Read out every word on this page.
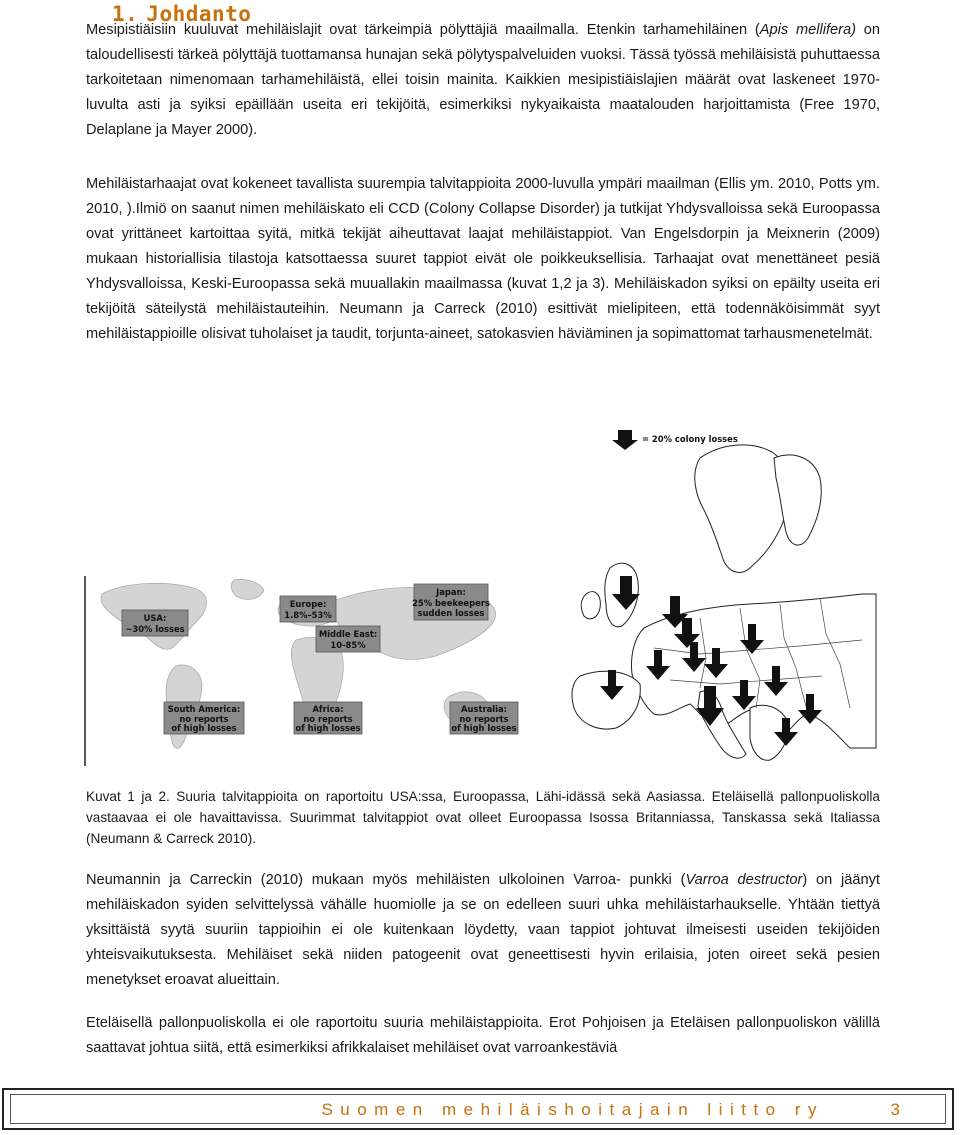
1. Johdanto

Mesipistiäisiin kuuluvat mehiläislajit ovat tärkeimpiä pölyttäjiä maailmalla. Etenkin tarhamehiläinen (Apis mellifera) on taloudellisesti tärkeä pölyttäjä tuottamansa hunajan sekä pölytyspalveluiden vuoksi. Tässä työssä mehiläisistä puhuttaessa tarkoitetaan nimenomaan tarhamehiläistä, ellei toisin mainita. Kaikkien mesipistiäislajien määrät ovat laskeneet 1970-luvulta asti ja syiksi epäillään useita eri tekijöitä, esimerkiksi nykyaikaista maatalouden harjoittamista (Free 1970, Delaplane ja Mayer 2000).

Mehiläistarhaajat ovat kokeneet tavallista suurempia talvitappioita 2000-luvulla ympäri maailman (Ellis ym. 2010, Potts ym. 2010, ).Ilmiö on saanut nimen mehiläiskato eli CCD (Colony Collapse Disorder) ja tutkijat Yhdysvalloissa sekä Euroopassa ovat yrittäneet kartoittaa syitä, mitkä tekijät aiheuttavat laajat mehiläistappiot. Van Engelsdorpin ja Meixnerin (2009) mukaan historiallisia tilastoja katsottaessa suuret tappiot eivät ole poikkeuksellisia. Tarhaajat ovat menettäneet pesiä Yhdysvalloissa, Keski-Euroopassa sekä muuallakin maailmassa (kuvat 1,2 ja 3). Mehiläiskadon syiksi on epäilty useita eri tekijöitä säteilystä mehiläistauteihin. Neumann ja Carreck (2010) esittivät mielipiteen, että todennäköisimmät syyt mehiläistappioille olisivat tuholaiset ja taudit, torjunta-aineet, satokasvien häviäminen ja sopimattomat tarhausmenetelmät.

USA:
~30% losses
Europe:
1.8%–53%
Middle East:
10-85%
Japan:
25% beekeepers
sudden losses
South America:
no reports
of high losses
Africa:
no reports
of high losses
Australia:
no reports
of high losses
= 20% colony losses

Kuvat 1 ja 2. Suuria talvitappioita on raportoitu USA:ssa, Euroopassa, Lähi-idässä sekä Aasiassa. Eteläisellä pallonpuoliskolla vastaavaa ei ole havaittavissa. Suurimmat talvitappiot ovat olleet Euroopassa Isossa Britanniassa, Tanskassa sekä Italiassa (Neumann & Carreck 2010).

Neumannin ja Carreckin (2010) mukaan myös mehiläisten ulkoloinen Varroa- punkki (Varroa destructor) on jäänyt mehiläiskadon syiden selvittelyssä vähälle huomiolle ja se on edelleen suuri uhka mehiläistarhaukselle. Yhtään tiettyä yksittäistä syytä suuriin tappioihin ei ole kuitenkaan löydetty, vaan tappiot johtuvat ilmeisesti useiden tekijöiden yhteisvaikutuksesta. Mehiläiset sekä niiden patogeenit ovat geneettisesti hyvin erilaisia, joten oireet sekä pesien menetykset eroavat alueittain.

Eteläisellä pallonpuoliskolla ei ole raportoitu suuria mehiläistappioita. Erot Pohjoisen ja Eteläisen pallonpuoliskon välillä saattavat johtua siitä, että esimerkiksi afrikkalaiset mehiläiset ovat varroankestäviä

Suomen mehiläishoitajain liitto ry	3
